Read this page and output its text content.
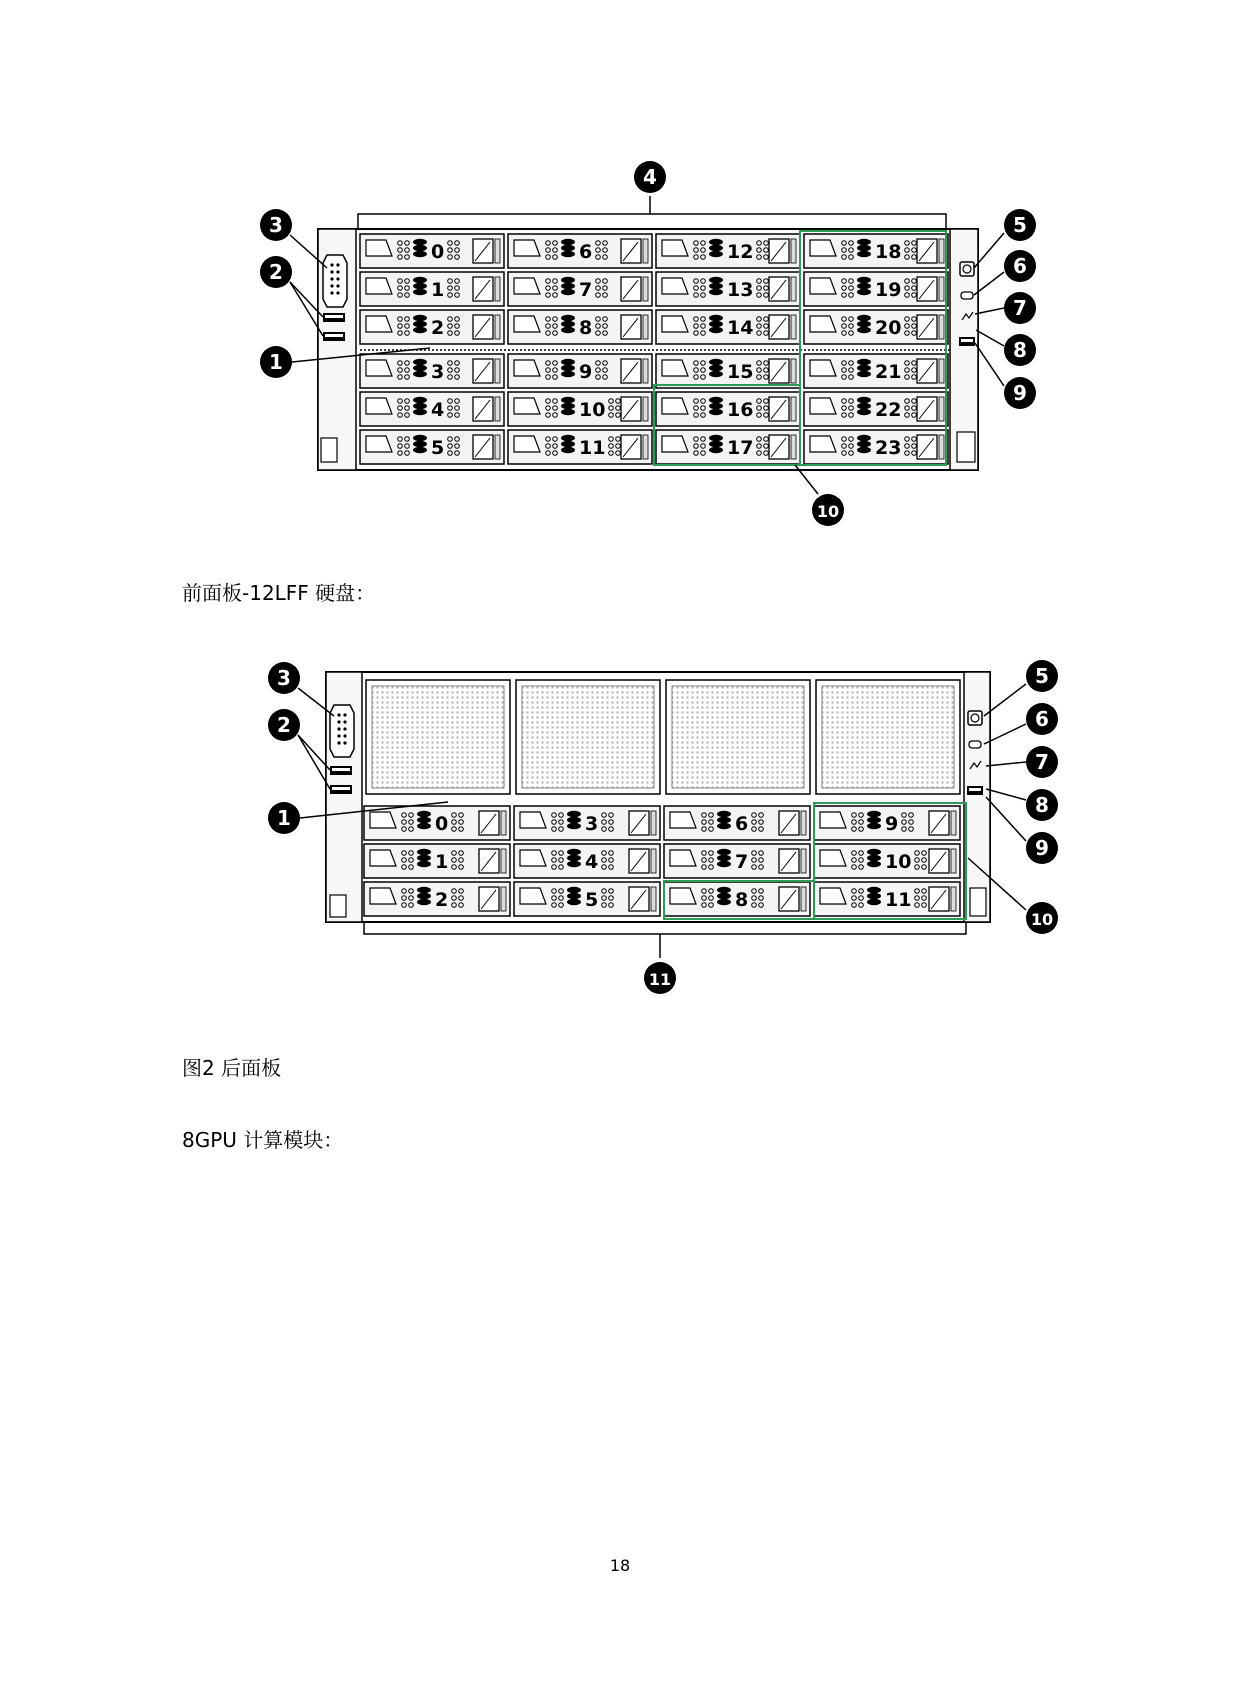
0	6	12	18
1	7	13	19
2	8	14	20
3	9	15	21
4	10	16	22
5	11	17	23
4
3
2
1
5
6
7
8
9
10
0	3	6	9
1	4	7	10
2	5	8	11
3
2
1
5
6
7
8
9
10
11
前面板-12LFF 硬盘：
图2 后面板
8GPU 计算模块：
18
